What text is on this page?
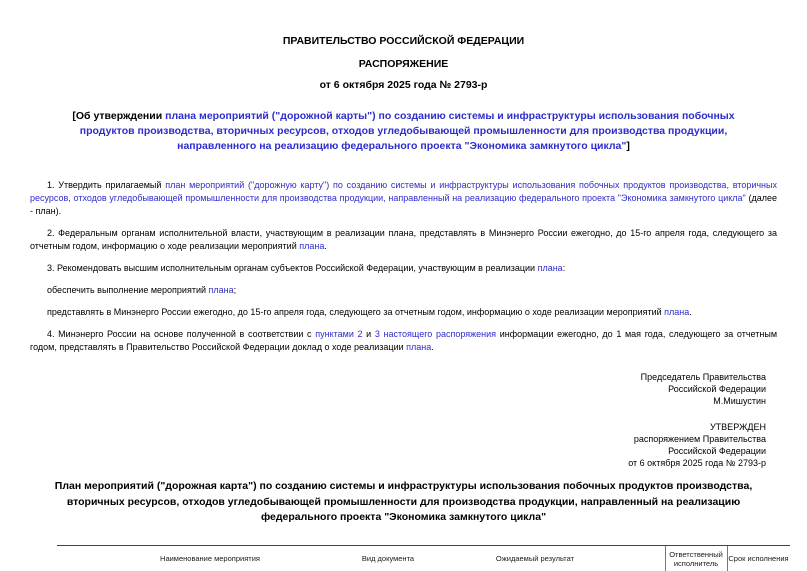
ПРАВИТЕЛЬСТВО РОССИЙСКОЙ ФЕДЕРАЦИИ
РАСПОРЯЖЕНИЕ
от 6 октября 2025 года № 2793-р
[Об утверждении плана мероприятий ("дорожной карты") по созданию системы и инфраструктуры использования побочных продуктов производства, вторичных ресурсов, отходов угледобывающей промышленности для производства продукции, направленного на реализацию федерального проекта "Экономика замкнутого цикла"]

1. Утвердить прилагаемый план мероприятий ("дорожную карту") по созданию системы и инфраструктуры использования побочных продуктов производства, вторичных ресурсов, отходов угледобывающей промышленности для производства продукции, направленный на реализацию федерального проекта "Экономика замкнутого цикла" (далее - план).

2. Федеральным органам исполнительной власти, участвующим в реализации плана, представлять в Минэнерго России ежегодно, до 15-го апреля года, следующего за отчетным годом, информацию о ходе реализации мероприятий плана.

3. Рекомендовать высшим исполнительным органам субъектов Российской Федерации, участвующим в реализации плана:

обеспечить выполнение мероприятий плана;

представлять в Минэнерго России ежегодно, до 15-го апреля года, следующего за отчетным годом, информацию о ходе реализации мероприятий плана.

4. Минэнерго России на основе полученной в соответствии с пунктами 2 и 3 настоящего распоряжения информации ежегодно, до 1 мая года, следующего за отчетным годом, представлять в Правительство Российской Федерации доклад о ходе реализации плана.

Председатель Правительства
Российской Федерации
М.Мишустин
УТВЕРЖДЕН
распоряжением Правительства
Российской Федерации
от 6 октября 2025 года № 2793-р
План мероприятий ("дорожная карта") по созданию системы и инфраструктуры использования побочных продуктов производства, вторичных ресурсов, отходов угледобывающей промышленности для производства продукции, направленный на реализацию федерального проекта "Экономика замкнутого цикла"
Наименование мероприятия	Вид документа	Ожидаемый результат
Ответственный исполнитель
Срок исполнения
